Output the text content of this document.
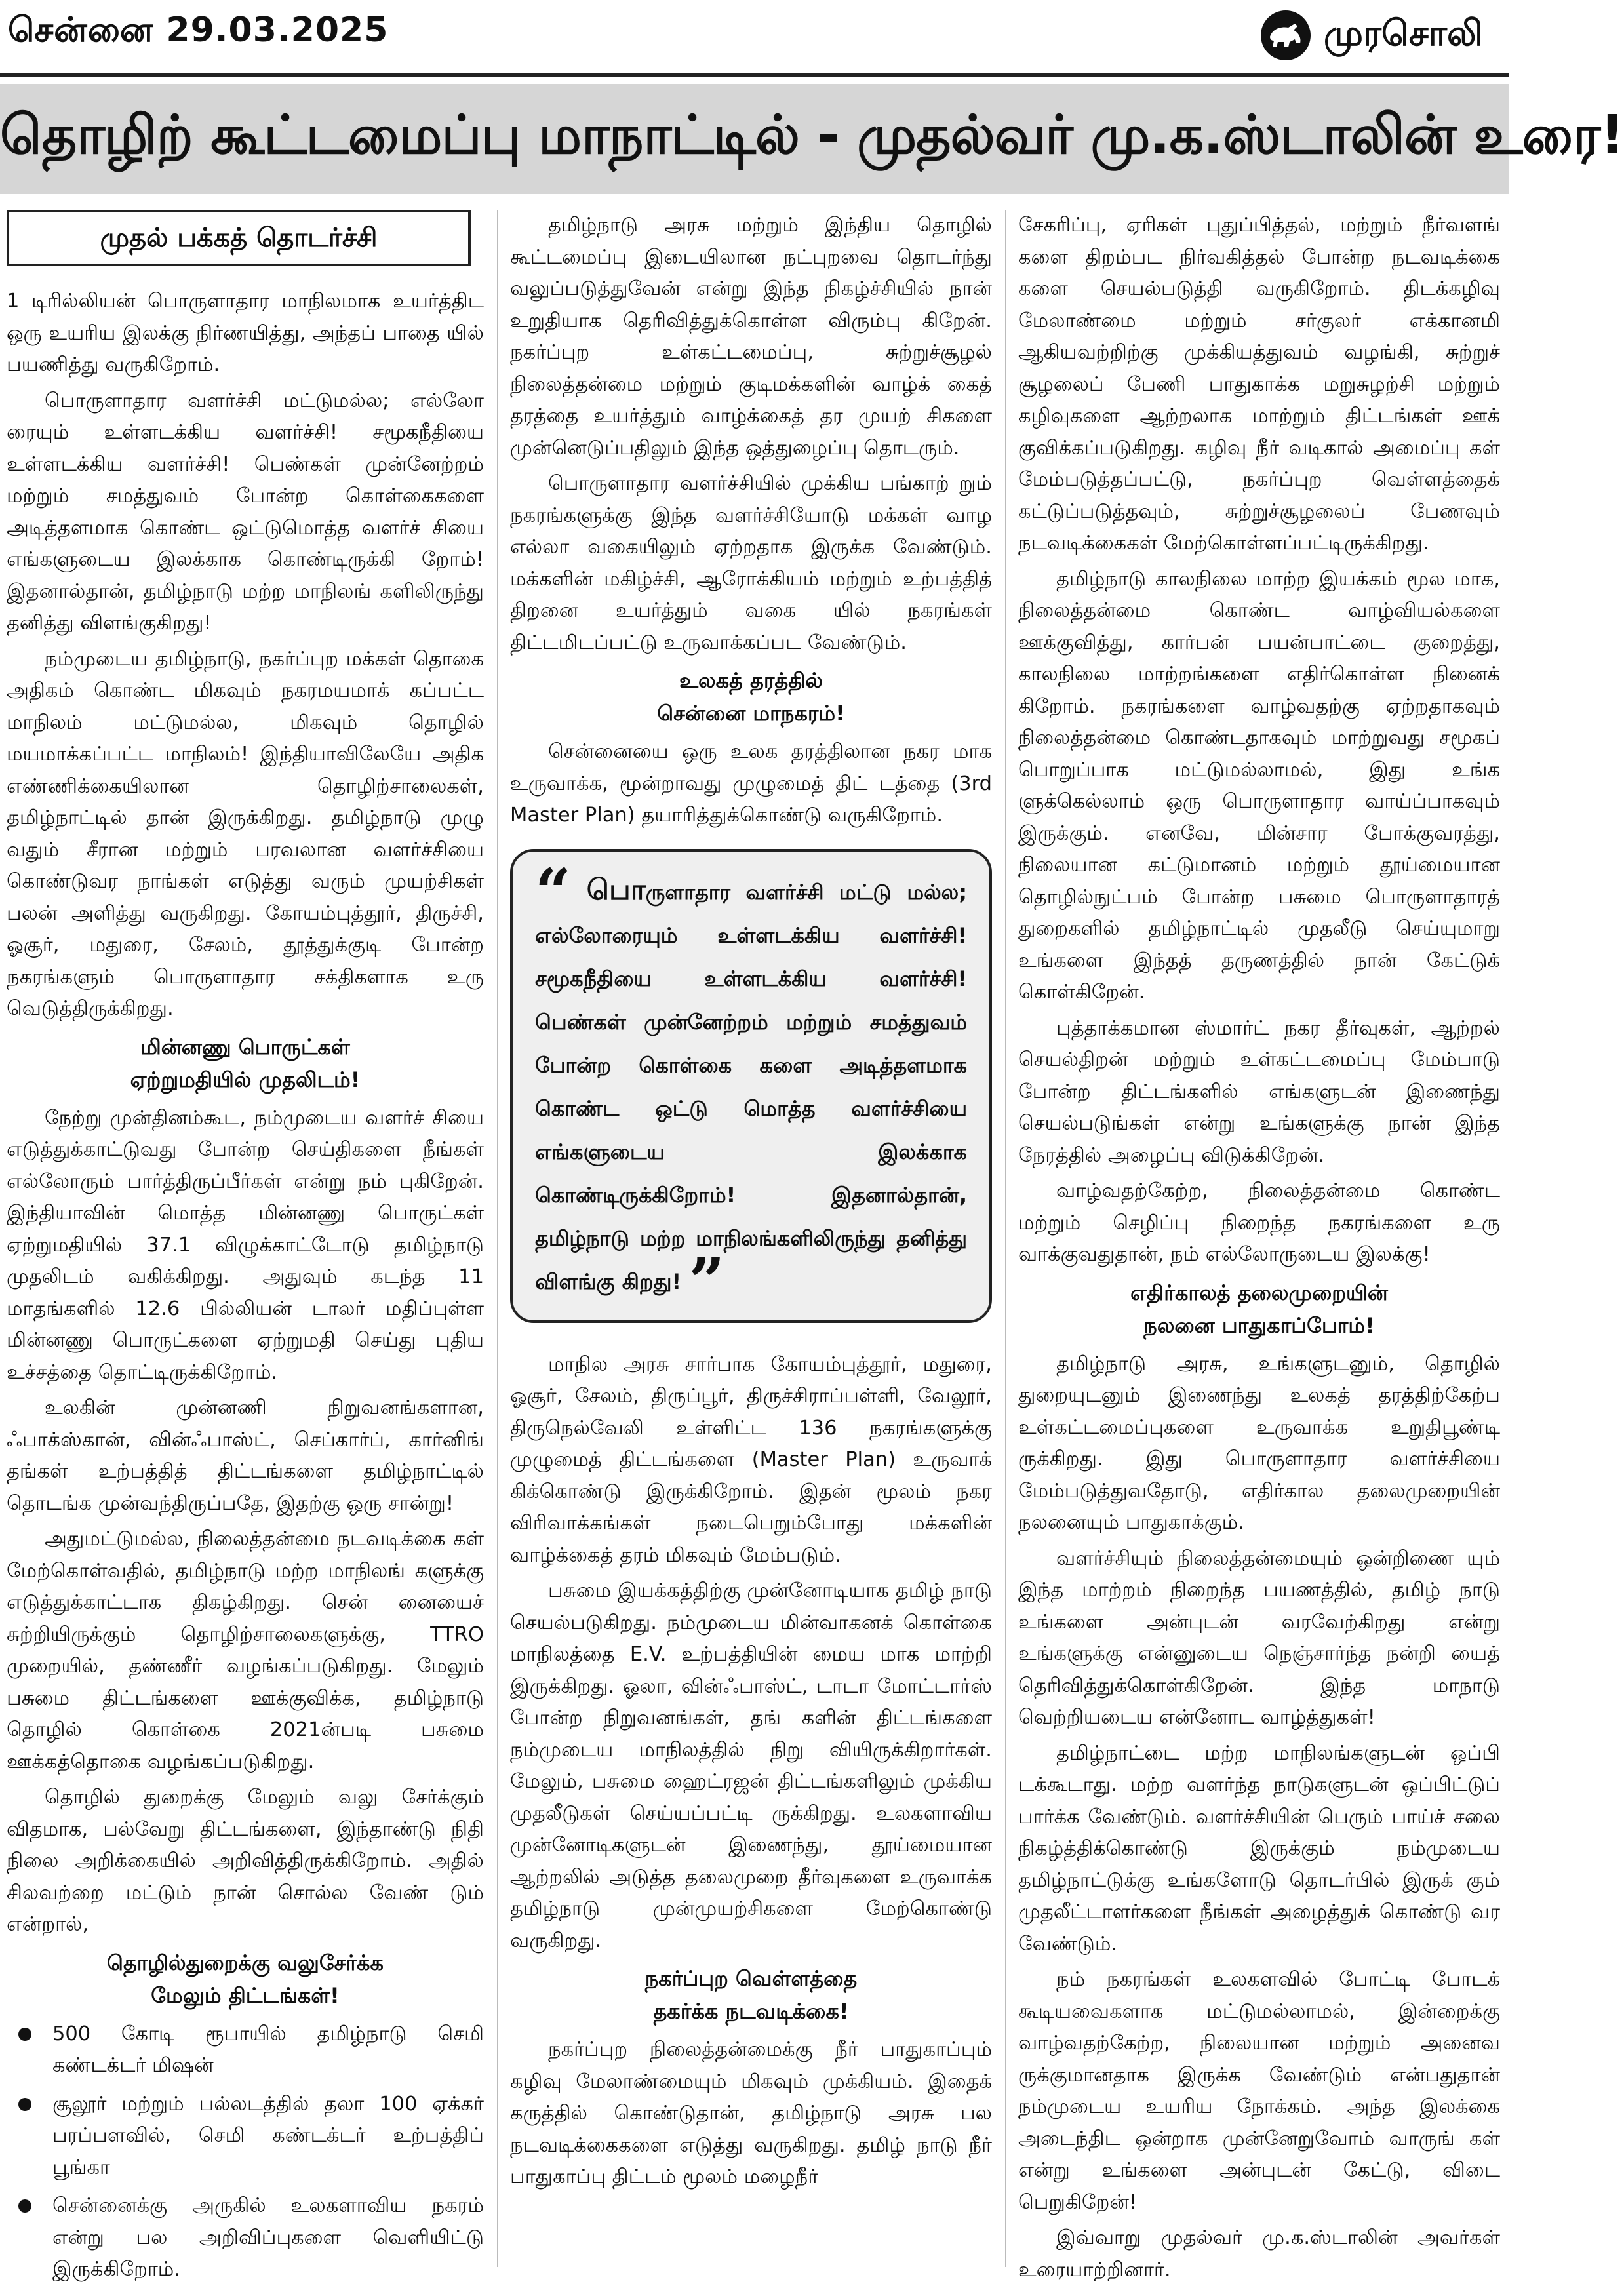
சென்னை 29.03.2025	முரசொலி
தொழிற் கூட்டமைப்பு மாநாட்டில் - முதல்வர் மு.க.ஸ்டாலின் உரை!
முதல் பக்கத் தொடர்ச்சி

1 டிரில்லியன் பொருளாதார மாநிலமாக உயர்த்திட ஒரு உயரிய இலக்கு நிர்ணயித்து, அந்தப் பாதை யில் பயணித்து வருகிறோம்.

பொருளாதார வளர்ச்சி மட்டுமல்ல; எல்லோ ரையும் உள்ளடக்கிய வளர்ச்சி! சமூகநீதியை உள்ளடக்கிய வளர்ச்சி! பெண்கள் முன்னேற்றம் மற்றும் சமத்துவம் போன்ற கொள்கைகளை அடித்தளமாக கொண்ட ஒட்டுமொத்த வளர்ச் சியை எங்களுடைய இலக்காக கொண்டிருக்கி றோம்! இதனால்தான், தமிழ்நாடு மற்ற மாநிலங் களிலிருந்து தனித்து விளங்குகிறது!

நம்முடைய தமிழ்நாடு, நகர்ப்புற மக்கள் தொகை அதிகம் கொண்ட மிகவும் நகரமயமாக் கப்பட்ட மாநிலம் மட்டுமல்ல, மிகவும் தொழில் மயமாக்கப்பட்ட மாநிலம்! இந்தியாவிலேயே அதிக எண்ணிக்கையிலான தொழிற்சாலைகள், தமிழ்நாட்டில் தான் இருக்கிறது. தமிழ்நாடு முழு வதும் சீரான மற்றும் பரவலான வளர்ச்சியை கொண்டுவர நாங்கள் எடுத்து வரும் முயற்சிகள் பலன் அளித்து வருகிறது. கோயம்புத்தூர், திருச்சி, ஓசூர், மதுரை, சேலம், தூத்துக்குடி போன்ற நகரங்களும் பொருளாதார சக்திகளாக உரு வெடுத்திருக்கிறது.

மின்னணு பொருட்கள்
ஏற்றுமதியில் முதலிடம்!

நேற்று முன்தினம்கூட, நம்முடைய வளர்ச் சியை எடுத்துக்காட்டுவது போன்ற செய்திகளை நீங்கள் எல்லோரும் பார்த்திருப்பீர்கள் என்று நம் புகிறேன். இந்தியாவின் மொத்த மின்னணு பொருட்கள் ஏற்றுமதியில் 37.1 விழுக்காட்டோடு தமிழ்நாடு முதலிடம் வகிக்கிறது. அதுவும் கடந்த 11 மாதங்களில் 12.6 பில்லியன் டாலர் மதிப்புள்ள மின்னணு பொருட்களை ஏற்றுமதி செய்து புதிய உச்சத்தை தொட்டிருக்கிறோம்.

உலகின் முன்னணி நிறுவனங்களான, ஃபாக்ஸ்கான், வின்ஃபாஸ்ட், செப்கார்ப், கார்னிங் தங்கள் உற்பத்தித் திட்டங்களை தமிழ்நாட்டில் தொடங்க முன்வந்திருப்பதே, இதற்கு ஒரு சான்று!

அதுமட்டுமல்ல, நிலைத்தன்மை நடவடிக்கை கள் மேற்கொள்வதில், தமிழ்நாடு மற்ற மாநிலங் களுக்கு எடுத்துக்காட்டாக திகழ்கிறது. சென் னையைச் சுற்றியிருக்கும் தொழிற்சாலைகளுக்கு, TTRO முறையில், தண்ணீர் வழங்கப்படுகிறது. மேலும் பசுமை திட்டங்களை ஊக்குவிக்க, தமிழ்நாடு தொழில் கொள்கை 2021ன்படி பசுமை ஊக்கத்தொகை வழங்கப்படுகிறது.

தொழில் துறைக்கு மேலும் வலு சேர்க்கும் விதமாக, பல்வேறு திட்டங்களை, இந்தாண்டு நிதி நிலை அறிக்கையில் அறிவித்திருக்கிறோம். அதில் சிலவற்றை மட்டும் நான் சொல்ல வேண் டும் என்றால்,

தொழில்துறைக்கு வலுசேர்க்க
மேலும் திட்டங்கள்!
500 கோடி ரூபாயில் தமிழ்நாடு செமி கண்டக்டர் மிஷன்
சூலூர் மற்றும் பல்லடத்தில் தலா 100 ஏக்கர் பரப்பளவில், செமி கண்டக்டர் உற்பத்திப் பூங்கா
சென்னைக்கு அருகில் உலகளாவிய நகரம் என்று பல அறிவிப்புகளை வெளியிட்டு இருக்கிறோம்.

தமிழ்நாடு அரசு மற்றும் இந்திய தொழில் கூட்டமைப்பு இடையிலான நட்புறவை தொடர்ந்து வலுப்படுத்துவேன் என்று இந்த நிகழ்ச்சியில் நான் உறுதியாக தெரிவித்துக்கொள்ள விரும்பு கிறேன். நகர்ப்புற உள்கட்டமைப்பு, சுற்றுச்சூழல் நிலைத்தன்மை மற்றும் குடிமக்களின் வாழ்க் கைத் தரத்தை உயர்த்தும் வாழ்க்கைத் தர முயற் சிகளை முன்னெடுப்பதிலும் இந்த ஒத்துழைப்பு தொடரும்.

பொருளாதார வளர்ச்சியில் முக்கிய பங்காற் றும் நகரங்களுக்கு இந்த வளர்ச்சியோடு மக்கள் வாழ எல்லா வகையிலும் ஏற்றதாக இருக்க வேண்டும். மக்களின் மகிழ்ச்சி, ஆரோக்கியம் மற்றும் உற்பத்தித் திறனை உயர்த்தும் வகை யில் நகரங்கள் திட்டமிடப்பட்டு உருவாக்கப்பட வேண்டும்.

உலகத் தரத்தில்
சென்னை மாநகரம்!

சென்னையை ஒரு உலக தரத்திலான நகர மாக உருவாக்க, மூன்றாவது முழுமைத் திட் டத்தை (3rd Master Plan) தயாரித்துக்கொண்டு வருகிறோம்.

“ பொருளாதார வளர்ச்சி மட்டு மல்ல; எல்லோரையும் உள்ளடக்கிய வளர்ச்சி! சமூகநீதியை உள்ளடக்கிய வளர்ச்சி! பெண்கள் முன்னேற்றம் மற்றும் சமத்துவம் போன்ற கொள்கை களை அடித்தளமாக கொண்ட ஒட்டு மொத்த வளர்ச்சியை எங்களுடைய இலக்காக கொண்டிருக்கிறோம்! இதனால்தான், தமிழ்நாடு மற்ற மாநிலங்களிலிருந்து தனித்து விளங்கு கிறது! ”

மாநில அரசு சார்பாக கோயம்புத்தூர், மதுரை, ஓசூர், சேலம், திருப்பூர், திருச்சிராப்பள்ளி, வேலூர், திருநெல்வேலி உள்ளிட்ட 136 நகரங்களுக்கு முழுமைத் திட்டங்களை (Master Plan) உருவாக் கிக்கொண்டு இருக்கிறோம். இதன் மூலம் நகர விரிவாக்கங்கள் நடைபெறும்போது மக்களின் வாழ்க்கைத் தரம் மிகவும் மேம்படும்.

பசுமை இயக்கத்திற்கு முன்னோடியாக தமிழ் நாடு செயல்படுகிறது. நம்முடைய மின்வாகனக் கொள்கை மாநிலத்தை E.V. உற்பத்தியின் மைய மாக மாற்றி இருக்கிறது. ஓலா, வின்ஃபாஸ்ட், டாடா மோட்டார்ஸ் போன்ற நிறுவனங்கள், தங் களின் திட்டங்களை நம்முடைய மாநிலத்தில் நிறு வியிருக்கிறார்கள். மேலும், பசுமை ஹைட்ரஜன் திட்டங்களிலும் முக்கிய முதலீடுகள் செய்யப்பட்டி ருக்கிறது. உலகளாவிய முன்னோடிகளுடன் இணைந்து, தூய்மையான ஆற்றலில் அடுத்த தலைமுறை தீர்வுகளை உருவாக்க தமிழ்நாடு முன்முயற்சிகளை மேற்கொண்டு வருகிறது.

நகர்ப்புற வெள்ளத்தை
தகர்க்க நடவடிக்கை!

நகர்ப்புற நிலைத்தன்மைக்கு நீர் பாதுகாப்பும் கழிவு மேலாண்மையும் மிகவும் முக்கியம். இதைக் கருத்தில் கொண்டுதான், தமிழ்நாடு அரசு பல நடவடிக்கைகளை எடுத்து வருகிறது. தமிழ் நாடு நீர் பாதுகாப்பு திட்டம் மூலம் மழைநீர்

சேகரிப்பு, ஏரிகள் புதுப்பித்தல், மற்றும் நீர்வளங் களை திறம்பட நிர்வகித்தல் போன்ற நடவடிக்கை களை செயல்படுத்தி வருகிறோம். திடக்கழிவு மேலாண்மை மற்றும் சர்குலர் எக்கானமி ஆகியவற்றிற்கு முக்கியத்துவம் வழங்கி, சுற்றுச் சூழலைப் பேணி பாதுகாக்க மறுசுழற்சி மற்றும் கழிவுகளை ஆற்றலாக மாற்றும் திட்டங்கள் ஊக் குவிக்கப்படுகிறது. கழிவு நீர் வடிகால் அமைப்பு கள் மேம்படுத்தப்பட்டு, நகர்ப்புற வெள்ளத்தைக் கட்டுப்படுத்தவும், சுற்றுச்சூழலைப் பேணவும் நடவடிக்கைகள் மேற்கொள்ளப்பட்டிருக்கிறது.

தமிழ்நாடு காலநிலை மாற்ற இயக்கம் மூல மாக, நிலைத்தன்மை கொண்ட வாழ்வியல்களை ஊக்குவித்து, கார்பன் பயன்பாட்டை குறைத்து, காலநிலை மாற்றங்களை எதிர்கொள்ள நினைக் கிறோம். நகரங்களை வாழ்வதற்கு ஏற்றதாகவும் நிலைத்தன்மை கொண்டதாகவும் மாற்றுவது சமூகப் பொறுப்பாக மட்டுமல்லாமல், இது உங்க ளுக்கெல்லாம் ஒரு பொருளாதார வாய்ப்பாகவும் இருக்கும். எனவே, மின்சார போக்குவரத்து, நிலையான கட்டுமானம் மற்றும் தூய்மையான தொழில்நுட்பம் போன்ற பசுமை பொருளாதாரத் துறைகளில் தமிழ்நாட்டில் முதலீடு செய்யுமாறு உங்களை இந்தத் தருணத்தில் நான் கேட்டுக் கொள்கிறேன்.

புத்தாக்கமான ஸ்மார்ட் நகர தீர்வுகள், ஆற்றல் செயல்திறன் மற்றும் உள்கட்டமைப்பு மேம்பாடு போன்ற திட்டங்களில் எங்களுடன் இணைந்து செயல்படுங்கள் என்று உங்களுக்கு நான் இந்த நேரத்தில் அழைப்பு விடுக்கிறேன்.

வாழ்வதற்கேற்ற, நிலைத்தன்மை கொண்ட மற்றும் செழிப்பு நிறைந்த நகரங்களை உரு வாக்குவதுதான், நம் எல்லோருடைய இலக்கு!

எதிர்காலத் தலைமுறையின்
நலனை பாதுகாப்போம்!

தமிழ்நாடு அரசு, உங்களுடனும், தொழில் துறையுடனும் இணைந்து உலகத் தரத்திற்கேற்ப உள்கட்டமைப்புகளை உருவாக்க உறுதிபூண்டி ருக்கிறது. இது பொருளாதார வளர்ச்சியை மேம்படுத்துவதோடு, எதிர்கால தலைமுறையின் நலனையும் பாதுகாக்கும்.

வளர்ச்சியும் நிலைத்தன்மையும் ஒன்றிணை யும் இந்த மாற்றம் நிறைந்த பயணத்தில், தமிழ் நாடு உங்களை அன்புடன் வரவேற்கிறது என்று உங்களுக்கு என்னுடைய நெஞ்சார்ந்த நன்றி யைத் தெரிவித்துக்கொள்கிறேன். இந்த மாநாடு வெற்றியடைய என்னோட வாழ்த்துகள்!

தமிழ்நாட்டை மற்ற மாநிலங்களுடன் ஒப்பி டக்கூடாது. மற்ற வளர்ந்த நாடுகளுடன் ஒப்பிட்டுப் பார்க்க வேண்டும். வளர்ச்சியின் பெரும் பாய்ச் சலை நிகழ்த்திக்கொண்டு இருக்கும் நம்முடைய தமிழ்நாட்டுக்கு உங்களோடு தொடர்பில் இருக் கும் முதலீட்டாளர்களை நீங்கள் அழைத்துக் கொண்டு வர வேண்டும்.

நம் நகரங்கள் உலகளவில் போட்டி போடக் கூடியவைகளாக மட்டுமல்லாமல், இன்றைக்கு வாழ்வதற்கேற்ற, நிலையான மற்றும் அனைவ ருக்குமானதாக இருக்க வேண்டும் என்பதுதான் நம்முடைய உயரிய நோக்கம். அந்த இலக்கை அடைந்திட ஒன்றாக முன்னேறுவோம் வாருங் கள் என்று உங்களை அன்புடன் கேட்டு, விடை பெறுகிறேன்!

இவ்வாறு முதல்வர் மு.க.ஸ்டாலின் அவர்கள் உரையாற்றினார்.
